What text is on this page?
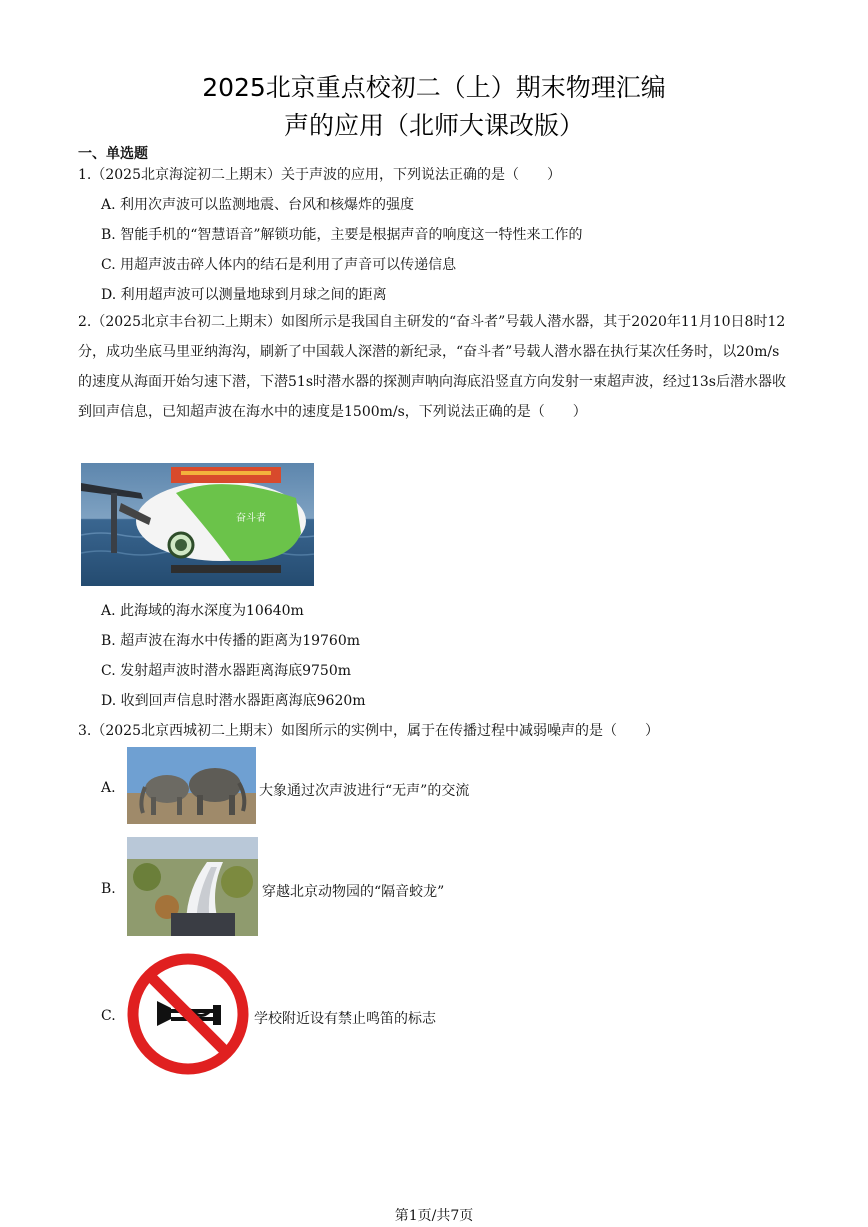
2025北京重点校初二（上）期末物理汇编
声的应用（北师大课改版）
一、单选题
1.（2025北京海淀初二上期末）关于声波的应用，下列说法正确的是（　　）
A. 利用次声波可以监测地震、台风和核爆炸的强度
B. 智能手机的“智慧语音”解锁功能，主要是根据声音的响度这一特性来工作的
C. 用超声波击碎人体内的结石是利用了声音可以传递信息
D. 利用超声波可以测量地球到月球之间的距离
2.（2025北京丰台初二上期末）如图所示是我国自主研发的“奋斗者”号载人潜水器，其于2020年11月10日8时12分，成功坐底马里亚纳海沟，刷新了中国载人深潜的新纪录，“奋斗者”号载人潜水器在执行某次任务时，以20m/s的速度从海面开始匀速下潜，下潜51s时潜水器的探测声呐向海底沿竖直方向发射一束超声波，经过13s后潜水器收到回声信息，已知超声波在海水中的速度是1500m/s，下列说法正确的是（　　）
奋斗者
A. 此海域的海水深度为10640m
B. 超声波在海水中传播的距离为19760m
C. 发射超声波时潜水器距离海底9750m
D. 收到回声信息时潜水器距离海底9620m
3.（2025北京西城初二上期末）如图所示的实例中，属于在传播过程中减弱噪声的是（　　）
A.	大象通过次声波进行“无声”的交流
B.	穿越北京动物园的“隔音蛟龙”
C.	学校附近设有禁止鸣笛的标志
第1页/共7页
